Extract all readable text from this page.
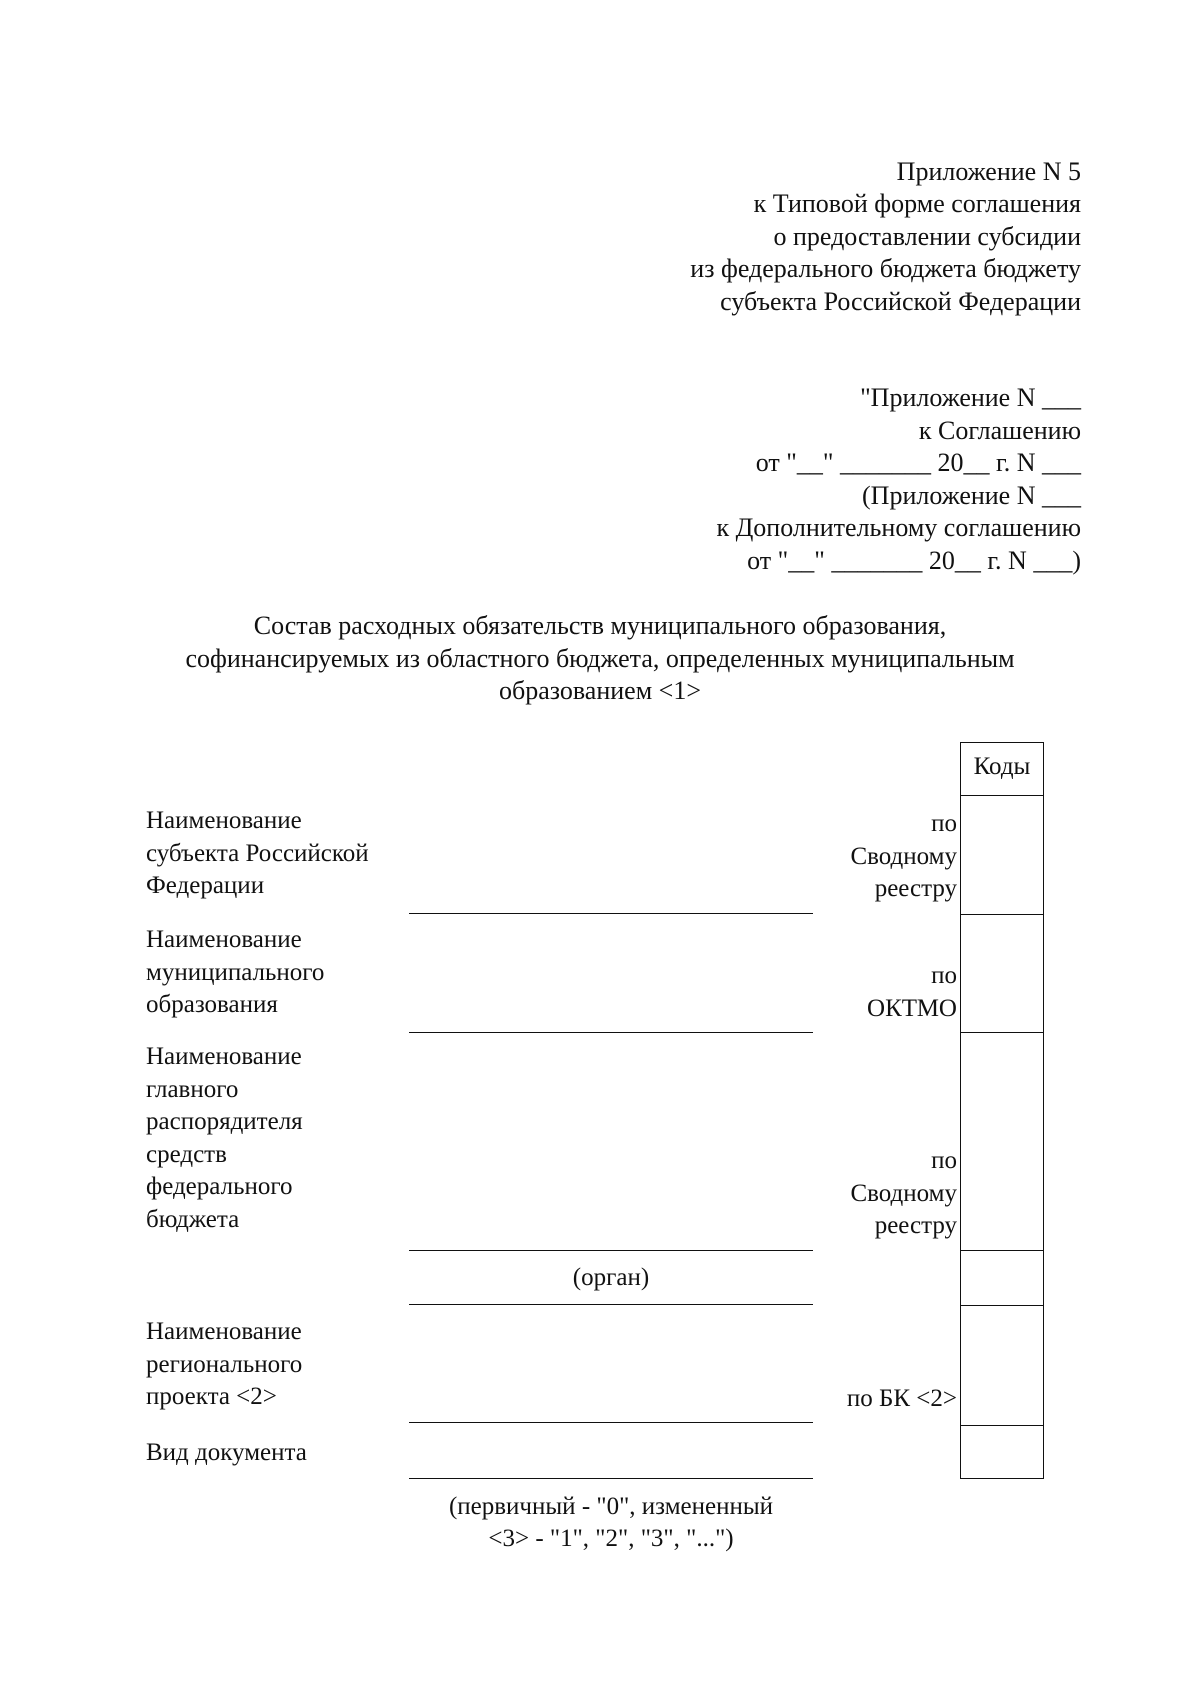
Приложение N 5
к Типовой форме соглашения
о предоставлении субсидии
из федерального бюджета бюджету
субъекта Российской Федерации
"Приложение N ___
к Соглашению
от "__" _______ 20__ г. N ___
(Приложение N ___
к Дополнительному соглашению
от "__" _______ 20__ г. N ___)
Состав расходных обязательств муниципального образования,
софинансируемых из областного бюджета, определенных муниципальным
образованием <1>
Коды
Наименование
субъекта Российской
Федерации
по
Сводному
реестру
Наименование
муниципального
образования
по
ОКТМО
Наименование
главного
распорядителя
средств
федерального
бюджета
по
Сводному
реестру
(орган)
Наименование
регионального
проекта <2>	по БК <2>
Вид документа
(первичный - "0", измененный
<3> - "1", "2", "3", "...")
